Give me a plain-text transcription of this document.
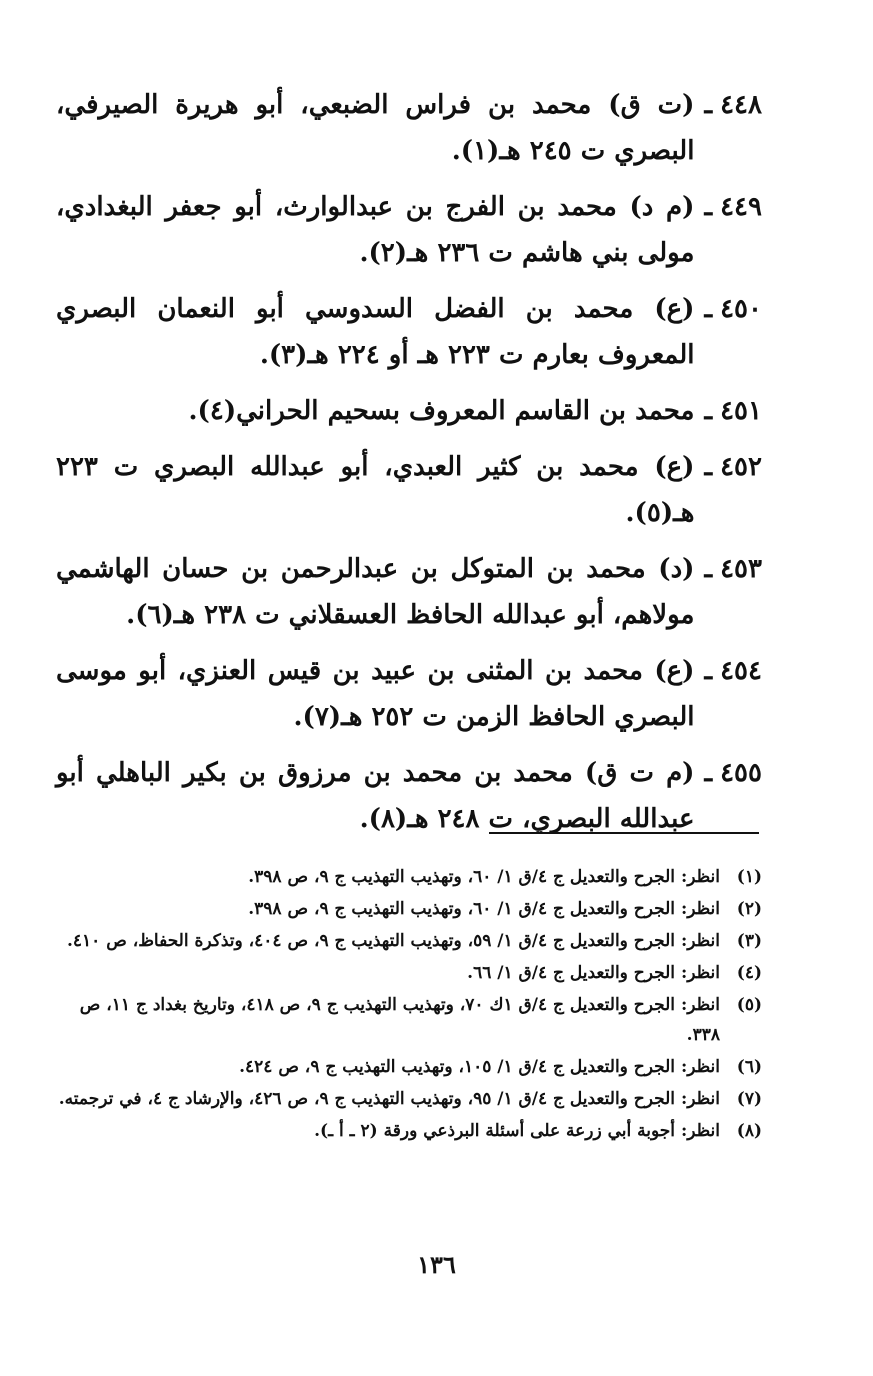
٤٤٨
ـ
(ت ق) محمد بن فراس الضبعي، أبو هريرة الصيرفي، البصري ت ٢٤٥ هـ(١).
٤٤٩
ـ
(م د) محمد بن الفرج بن عبدالوارث، أبو جعفر البغدادي، مولى بني هاشم ت ٢٣٦ هـ(٢).
٤٥٠
ـ
(ع) محمد بن الفضل السدوسي أبو النعمان البصري المعروف بعارم ت ٢٢٣ هـ أو ٢٢٤ هـ(٣).
٤٥١
ـ
محمد بن القاسم المعروف بسحيم الحراني(٤).
٤٥٢
ـ
(ع) محمد بن كثير العبدي، أبو عبدالله البصري ت ٢٢٣ هـ(٥).
٤٥٣
ـ
(د) محمد بن المتوكل بن عبدالرحمن بن حسان الهاشمي مولاهم، أبو عبدالله الحافظ العسقلاني ت ٢٣٨ هـ(٦).
٤٥٤
ـ
(ع) محمد بن المثنى بن عبيد بن قيس العنزي، أبو موسى البصري الحافظ الزمن ت ٢٥٢ هـ(٧).
٤٥٥
ـ
(م ت ق) محمد بن محمد بن مرزوق بن بكير الباهلي أبو عبدالله البصري، ت ٢٤٨ هـ(٨).
(١)
انظر: الجرح والتعديل ج ٤/ق ١/ ٦٠، وتهذيب التهذيب ج ٩، ص ٣٩٨.
(٢)
انظر: الجرح والتعديل ج ٤/ق ١/ ٦٠، وتهذيب التهذيب ج ٩، ص ٣٩٨.
(٣)
انظر: الجرح والتعديل ج ٤/ق ١/ ٥٩، وتهذيب التهذيب ج ٩، ص ٤٠٤، وتذكرة الحفاظ، ص ٤١٠.
(٤)
انظر: الجرح والتعديل ج ٤/ق ١/ ٦٦.
(٥)
انظر: الجرح والتعديل ج ٤/ق ١ك ٧٠، وتهذيب التهذيب ج ٩، ص ٤١٨، وتاريخ بغداد ج ١١، ص ٣٣٨.
(٦)
انظر: الجرح والتعديل ج ٤/ق ١/ ١٠٥، وتهذيب التهذيب ج ٩، ص ٤٢٤.
(٧)
انظر: الجرح والتعديل ج ٤/ق ١/ ٩٥، وتهذيب التهذيب ج ٩، ص ٤٢٦، والإرشاد ج ٤، في ترجمته.
(٨)
انظر: أجوبة أبي زرعة على أسئلة البرذعي ورقة (٢ ـ أ ـ).
١٣٦
